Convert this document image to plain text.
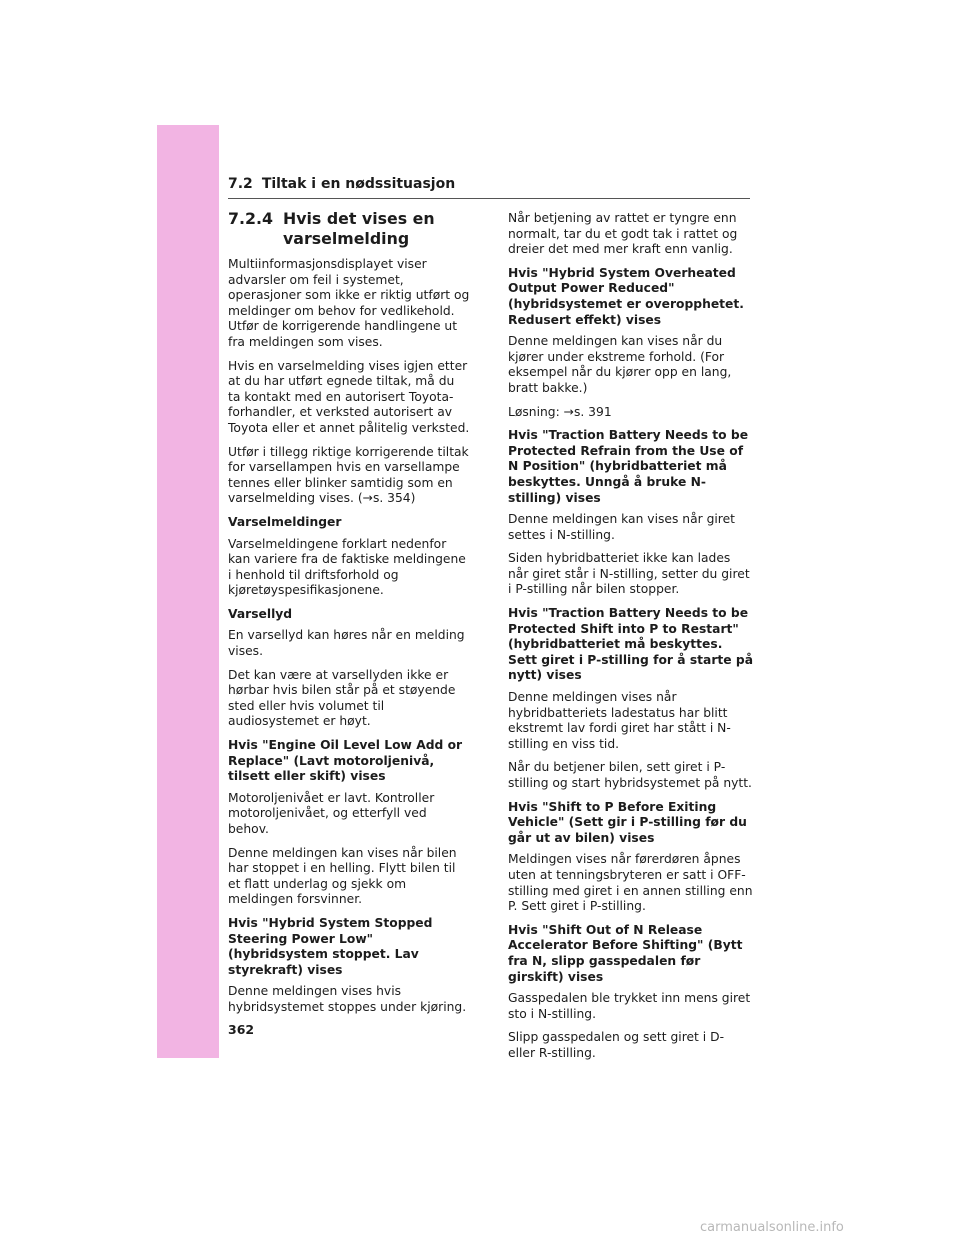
7.2 Tiltak i en nødssituasjon
7.2.4 Hvis det vises en varselmelding

Multiinformasjonsdisplayet viser advarsler om feil i systemet, operasjoner som ikke er riktig utført og meldinger om behov for vedlikehold. Utfør de korrigerende handlingene ut fra meldingen som vises.

Hvis en varselmelding vises igjen etter at du har utført egnede tiltak, må du ta kontakt med en autorisert Toyota-forhandler, et verksted autorisert av Toyota eller et annet pålitelig verksted.

Utfør i tillegg riktige korrigerende tiltak for varsellampen hvis en varsellampe tennes eller blinker samtidig som en varselmelding vises. (→s. 354)

Varselmeldinger

Varselmeldingene forklart nedenfor kan variere fra de faktiske meldingene i henhold til driftsforhold og kjøretøyspesifikasjonene.

Varsellyd

En varsellyd kan høres når en melding vises.

Det kan være at varsellyden ikke er hørbar hvis bilen står på et støyende sted eller hvis volumet til audiosystemet er høyt.

Hvis "Engine Oil Level Low Add or Replace" (Lavt motoroljenivå, tilsett eller skift) vises

Motoroljenivået er lavt. Kontroller motoroljenivået, og etterfyll ved behov.

Denne meldingen kan vises når bilen har stoppet i en helling. Flytt bilen til et flatt underlag og sjekk om meldingen forsvinner.

Hvis "Hybrid System Stopped Steering Power Low" (hybridsystem stoppet. Lav styrekraft) vises

Denne meldingen vises hvis hybridsystemet stoppes under kjøring.

Når betjening av rattet er tyngre enn normalt, tar du et godt tak i rattet og dreier det med mer kraft enn vanlig.

Hvis "Hybrid System Overheated Output Power Reduced" (hybridsystemet er overopphetet. Redusert effekt) vises

Denne meldingen kan vises når du kjører under ekstreme forhold. (For eksempel når du kjører opp en lang, bratt bakke.)

Løsning: →s. 391

Hvis "Traction Battery Needs to be Protected Refrain from the Use of N Position" (hybridbatteriet må beskyttes. Unngå å bruke N-stilling) vises

Denne meldingen kan vises når giret settes i N-stilling.

Siden hybridbatteriet ikke kan lades når giret står i N-stilling, setter du giret i P-stilling når bilen stopper.

Hvis "Traction Battery Needs to be Protected Shift into P to Restart" (hybridbatteriet må beskyttes. Sett giret i P-stilling for å starte på nytt) vises

Denne meldingen vises når hybridbatteriets ladestatus har blitt ekstremt lav fordi giret har stått i N-stilling en viss tid.

Når du betjener bilen, sett giret i P-stilling og start hybridsystemet på nytt.

Hvis "Shift to P Before Exiting Vehicle" (Sett gir i P-stilling før du går ut av bilen) vises

Meldingen vises når førerdøren åpnes uten at tenningsbryteren er satt i OFF-stilling med giret i en annen stilling enn P. Sett giret i P-stilling.

Hvis "Shift Out of N Release Accelerator Before Shifting" (Bytt fra N, slipp gasspedalen før girskift) vises

Gasspedalen ble trykket inn mens giret sto i N-stilling.

Slipp gasspedalen og sett giret i D- eller R-stilling.

362
carmanualsonline.info
